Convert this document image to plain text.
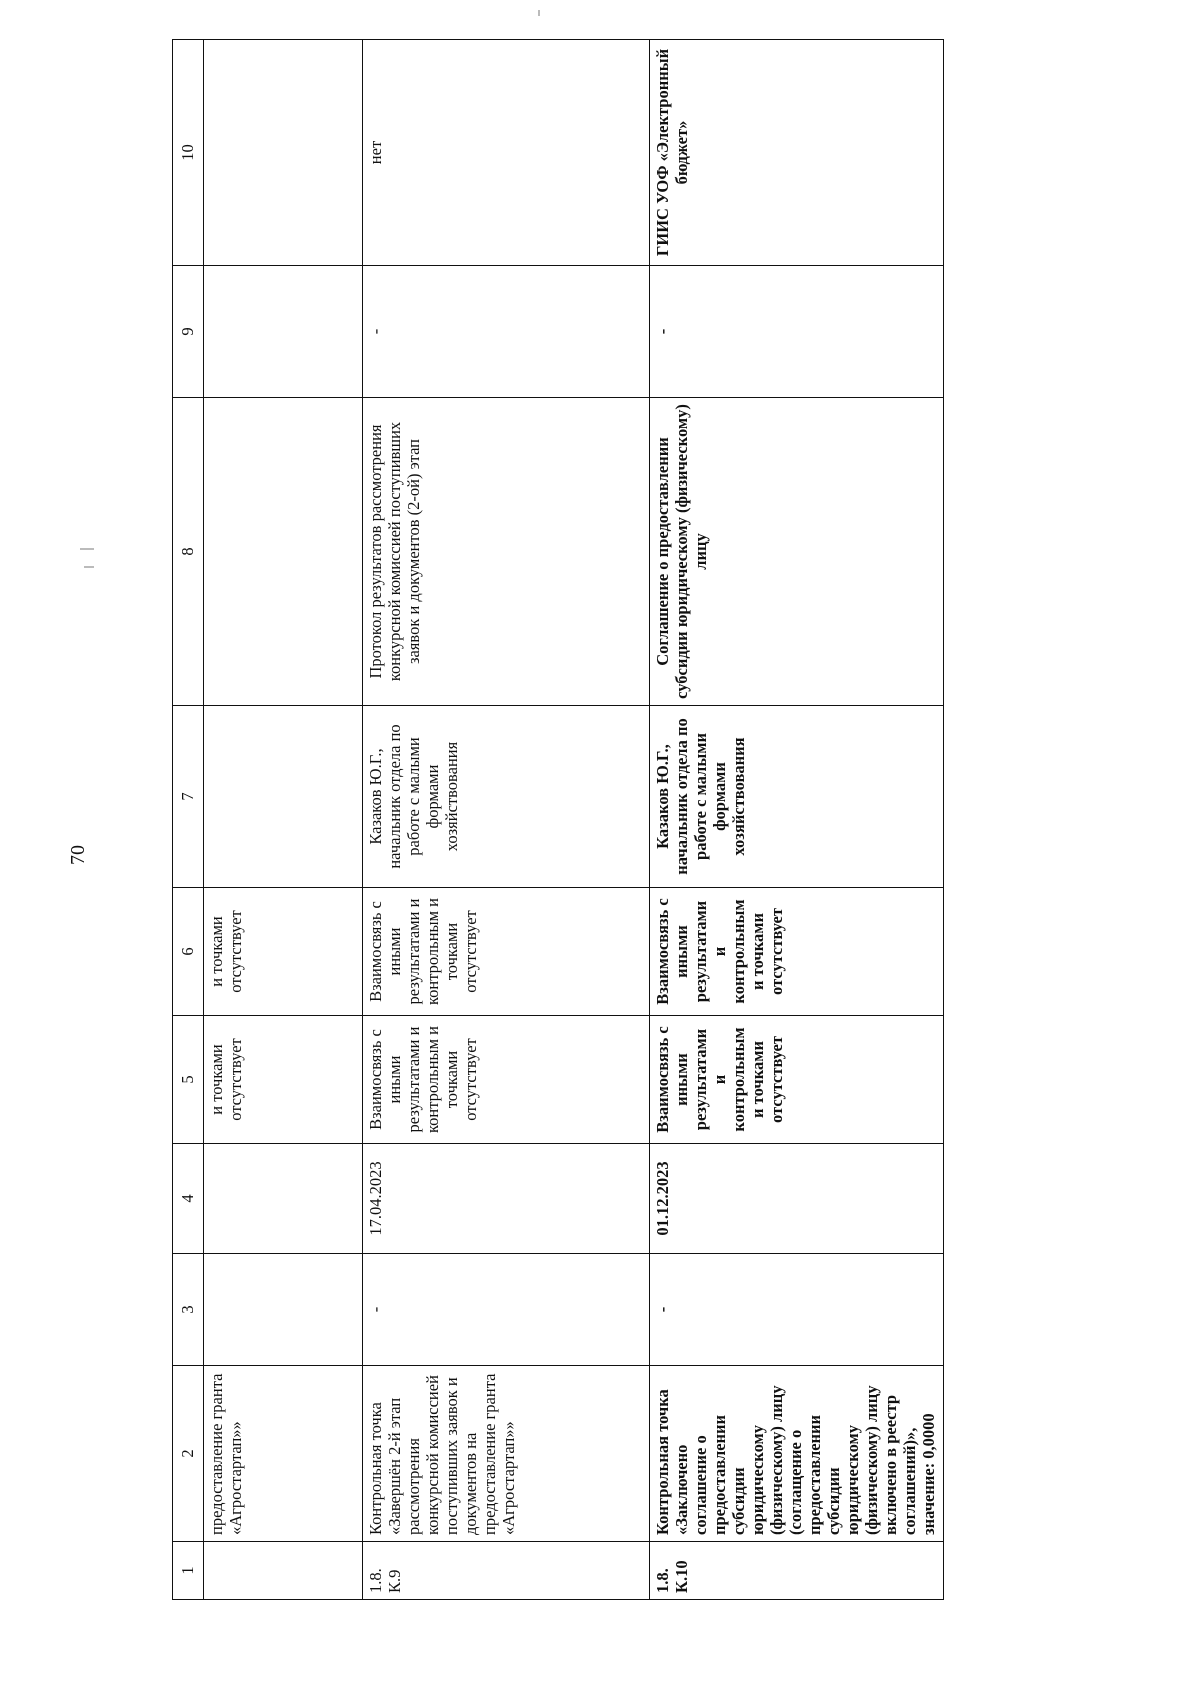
70
1	2	3	4	5	6	7	8	9	10
	предоставление гранта «Агростартап»»			и точками отсутствует	и точками отсутствует				
1.8. К.9	Контрольная точка «Завершён 2-й этап рассмотрения конкурсной комиссией поступивших заявок и документов на предоставление гранта «Агростартап»»	-	17.04.2023	Взаимосвязь с иными результатами и контрольным и точками отсутствует	Взаимосвязь с иными результатами и контрольным и точками отсутствует	Казаков Ю.Г., начальник отдела по работе с малыми формами хозяйствования	Протокол результатов рассмотрения конкурсной комиссией поступивших заявок и документов (2-ой) этап	-	нет
1.8. К.10	Контрольная точка «Заключено соглашение о предоставлении субсидии юридическому (физическому) лицу (соглащение о предоставлении субсидии юридическому (физическому) лицу включено в реестр соглашений)», значение: 0,0000	-	01.12.2023	Взаимосвязь с иными результатами и контрольным и точками отсутствует	Взаимосвязь с иными результатами и контрольным и точками отсутствует	Казаков Ю.Г., начальник отдела по работе с малыми формами хозяйствования	Соглашение о предоставлении субсидии юридическому (физическому) лицу	-	ГИИС УОФ «Электронный бюджет»
